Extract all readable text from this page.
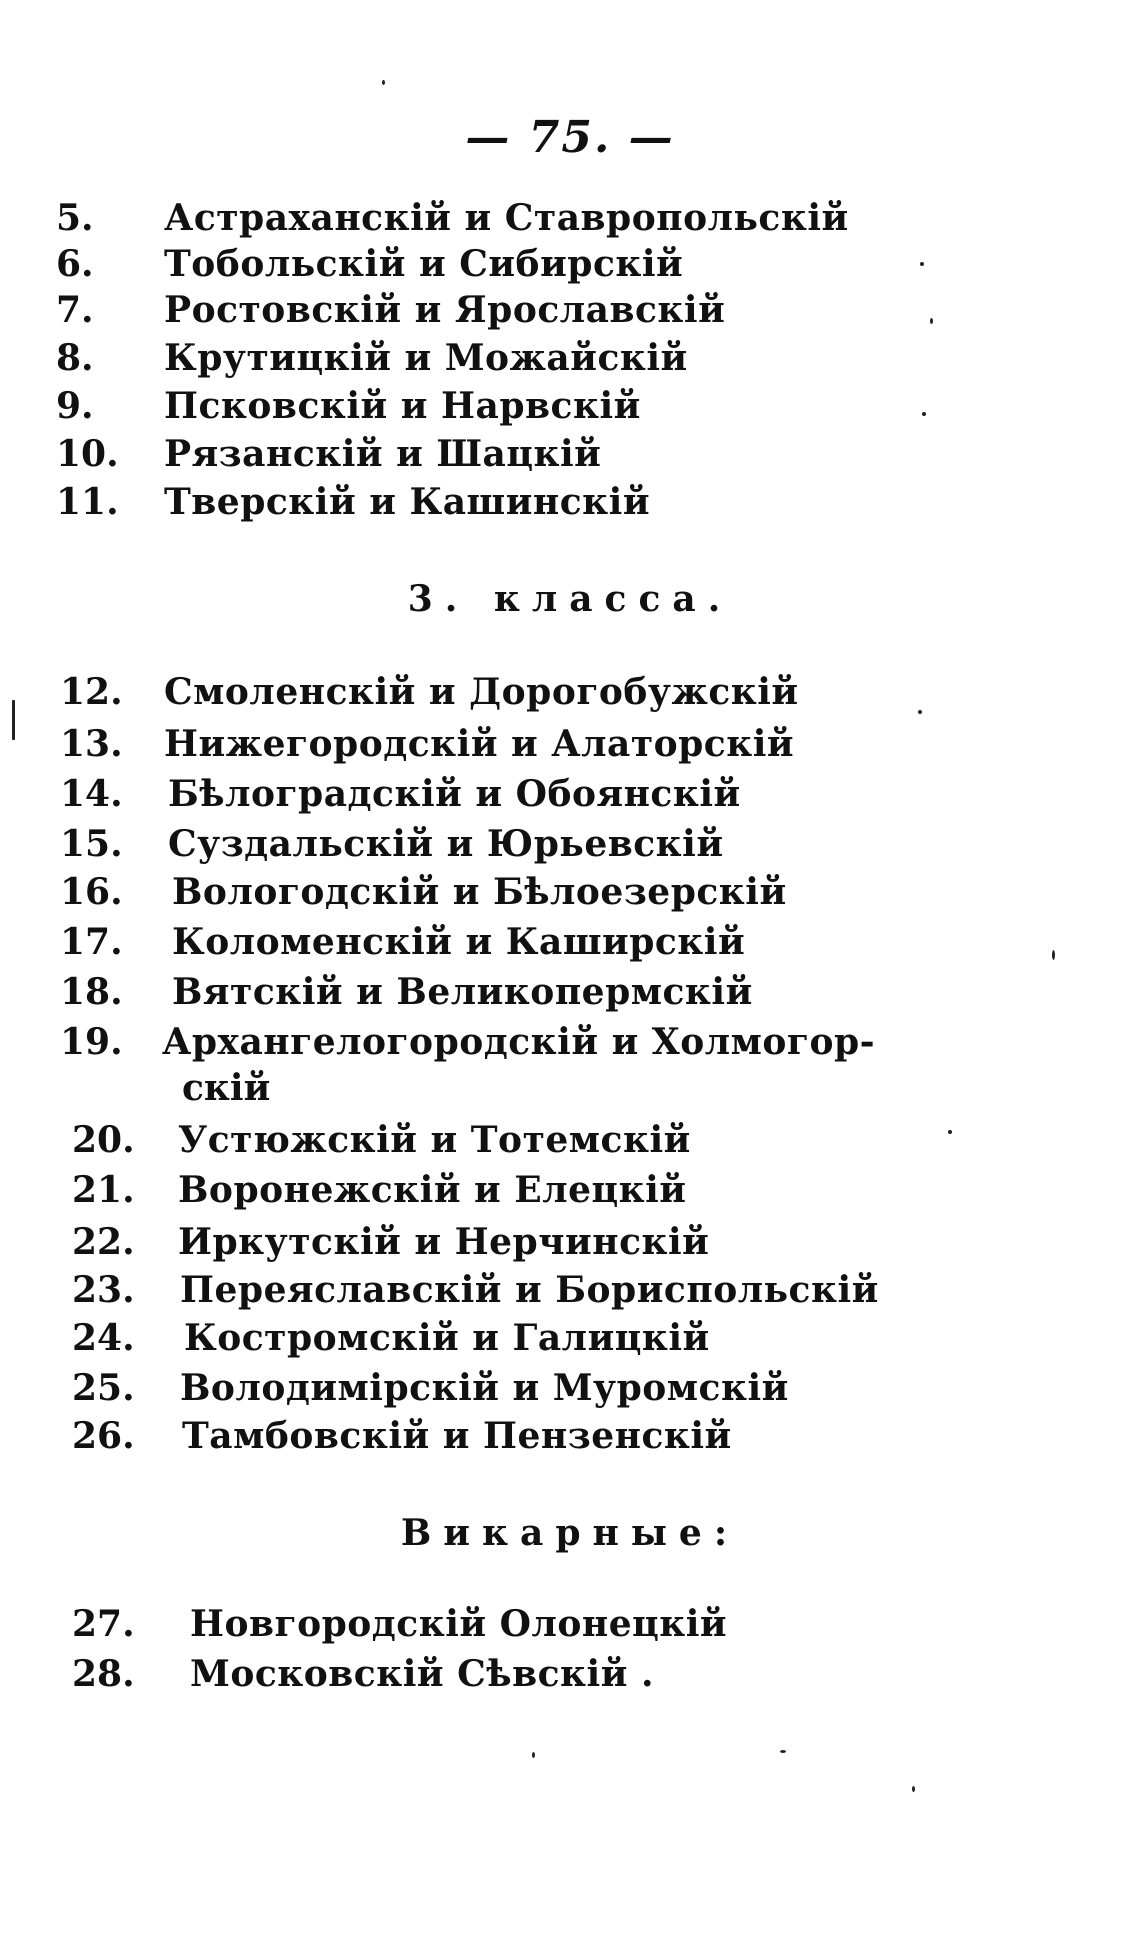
— 75. —
5. Астраханскій и Ставропольскій
6. Тобольскій и Сибирскій
7. Ростовскій и Ярославскій
8. Крутицкій и Можайскій
9. Псковскій и Нарвскій
10. Рязанскій и Шацкій
11. Тверскій и Кашинскій
3. класса.
12. Смоленскій и Дорогобужскій
13. Нижегородскій и Алаторскій
14. Бѣлоградскій и Обоянскій
15. Суздальскій и Юрьевскій
16. Вологодскій и Бѣлоезерскій
17. Коломенскій и Каширскій
18. Вятскій и Великопермскій
19. Архангелогородскій и Холмогор-
скій
20. Устюжскій и Тотемскій
21. Воронежскій и Елецкій
22. Иркутскій и Нерчинскій
23. Переяславскій и Бориспольскій
24. Костромскій и Галицкій
25. Володимірскій и Муромскій
26. Тамбовскій и Пензенскій
Викарные:
27. Новгородскій Олонецкій
28. Московскій Сѣвскій .
